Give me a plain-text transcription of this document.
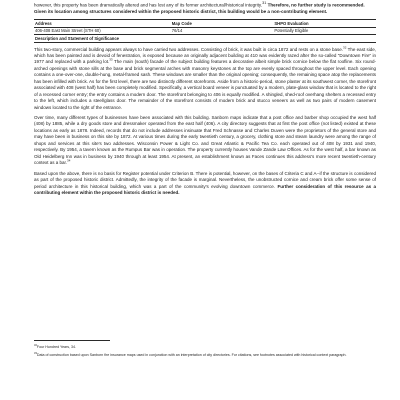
however, this property has been dramatically altered and has lost any of its former architectural/historical integrity.$^{31}$ Therefore, no further study is recommended. Given its location among structures considered within the proposed historic district, this building would be a non-contributing element.

Address	Map Code	SHPO Evaluation
406-408 East Main Street (STH 60)	76/14	Potentially Eligible
Description and Statement of Significance		

This two-story, commercial building appears always to have carried two addresses. Consisting of brick, it was built in circa 1872 and rests on a stone base.$^{32}$ The east side, which has been painted and is devoid of fenestration, is exposed because an originally adjacent building at 410 was evidently razed after the so-called "Downtown Fire" in 1977 and replaced with a parking lot.$^{33}$ The main (south) facade of the subject building features a decorative albeit simple brick cornice below the flat roofline. Six round-arched openings with stone sills at the base and brick segmental arches with masonry keystones at the top are evenly spaced throughout the upper level. Each opening contains a one-over-one, double-hung, metal-framed sash. These windows are smaller than the original opening; consequently, the remaining space atop the replacements has been infilled with brick. As for the first level, there are two distinctly different storefronts. Aside from a historic-period, stone plaster at its southwest corner, the storefront associated with 408 (west half) has been completely modified. Specifically, a vertical board veneer is punctuated by a modern, plate-glass window that is located to the right of a recessed corner entry; the entry contains a modern door. The storefront belonging to 406 is equally modified. A shingled, shed-roof overhang shelters a recessed entry to the left, which includes a steel/glass door. The remainder of the storefront consists of modern brick and stucco veneers as well as two pairs of modern casement windows located to the right of the entrance.

Over time, many different types of businesses have been associated with this building. Sanborn maps indicate that a post office and barber shop occupied the west half (408) by 1885, while a dry goods store and dressmaker operated from the east half (406). A city directory suggests that at first the post office (not listed) existed at these locations as early as 1878. Indeed, records that do not include addresses insinuate that Fred Schnasse and Charles Duven were the proprietors of the general store and may have been in business on this site by 1872. At various times during the early twentieth century, a grocery, clothing store and steam laundry were among the range of shops and services at this site's two addresses. Wisconsin Power & Light Co. and Great Atlantic & Pacific Tea Co. each operated out of 408 by 1931 and 1940, respectively. By 1954, a tavern known as the Rumpus Bar was in operation. The property currently houses Vande Zande Law Offices. As for the west half, a bar known as Old Heidelberg Inn was in business by 1940 through at least 1954. At present, an establishment known as Faces continues this address's more recent twentieth-century context as a bar.$^{34}$

Based upon the above, there is no basis for Register potential under Criterion B. There is potential, however, on the bases of Criteria C and A--if the structure is considered as part of the proposed historic district. Admittedly, the integrity of the facade is marginal. Nevertheless, the unobstructed cornice and cream brick offer some sense of period architecture in this historical building, which was a part of the community's evolving downtown commerce. Further consideration of this resource as a contributing element within the proposed historic district is needed.

$^{32}$Four Hundred Years, 34.

$^{33}$Data of construction based upon Sanborn fire insurance maps used in conjunction with an interpretation of city directories. For citations, see footnotes associated with historical context paragraph.
